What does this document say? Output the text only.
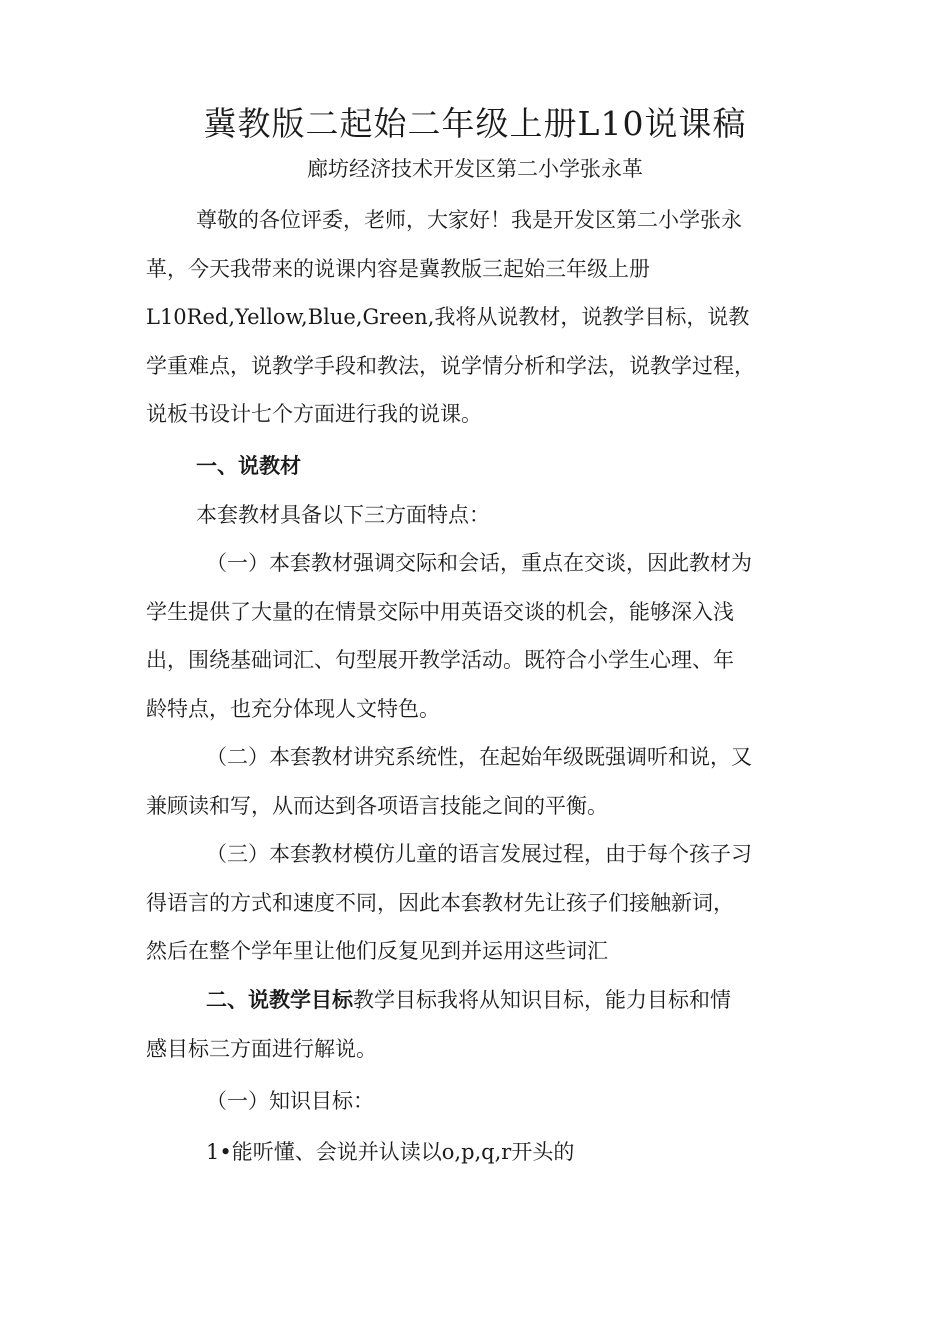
冀教版二起始二年级上册L10说课稿
廊坊经济技术开发区第二小学张永革
尊敬的各位评委，老师，大家好！我是开发区第二小学张永
革，今天我带来的说课内容是冀教版三起始三年级上册
L10Red,Yellow,Blue,Green,我将从说教材，说教学目标，说教
学重难点，说教学手段和教法，说学情分析和学法，说教学过程，
说板书设计七个方面进行我的说课。
一、说教材
本套教材具备以下三方面特点：
（一）本套教材强调交际和会话，重点在交谈，因此教材为
学生提供了大量的在情景交际中用英语交谈的机会，能够深入浅
出，围绕基础词汇、句型展开教学活动。既符合小学生心理、年
龄特点，也充分体现人文特色。
（二）本套教材讲究系统性，在起始年级既强调听和说，又
兼顾读和写，从而达到各项语言技能之间的平衡。
（三）本套教材模仿儿童的语言发展过程，由于每个孩子习
得语言的方式和速度不同，因此本套教材先让孩子们接触新词，
然后在整个学年里让他们反复见到并运用这些词汇
二、说教学目标教学目标我将从知识目标，能力目标和情
感目标三方面进行解说。
（一）知识目标：
1•能听懂、会说并认读以o,p,q,r开头的
